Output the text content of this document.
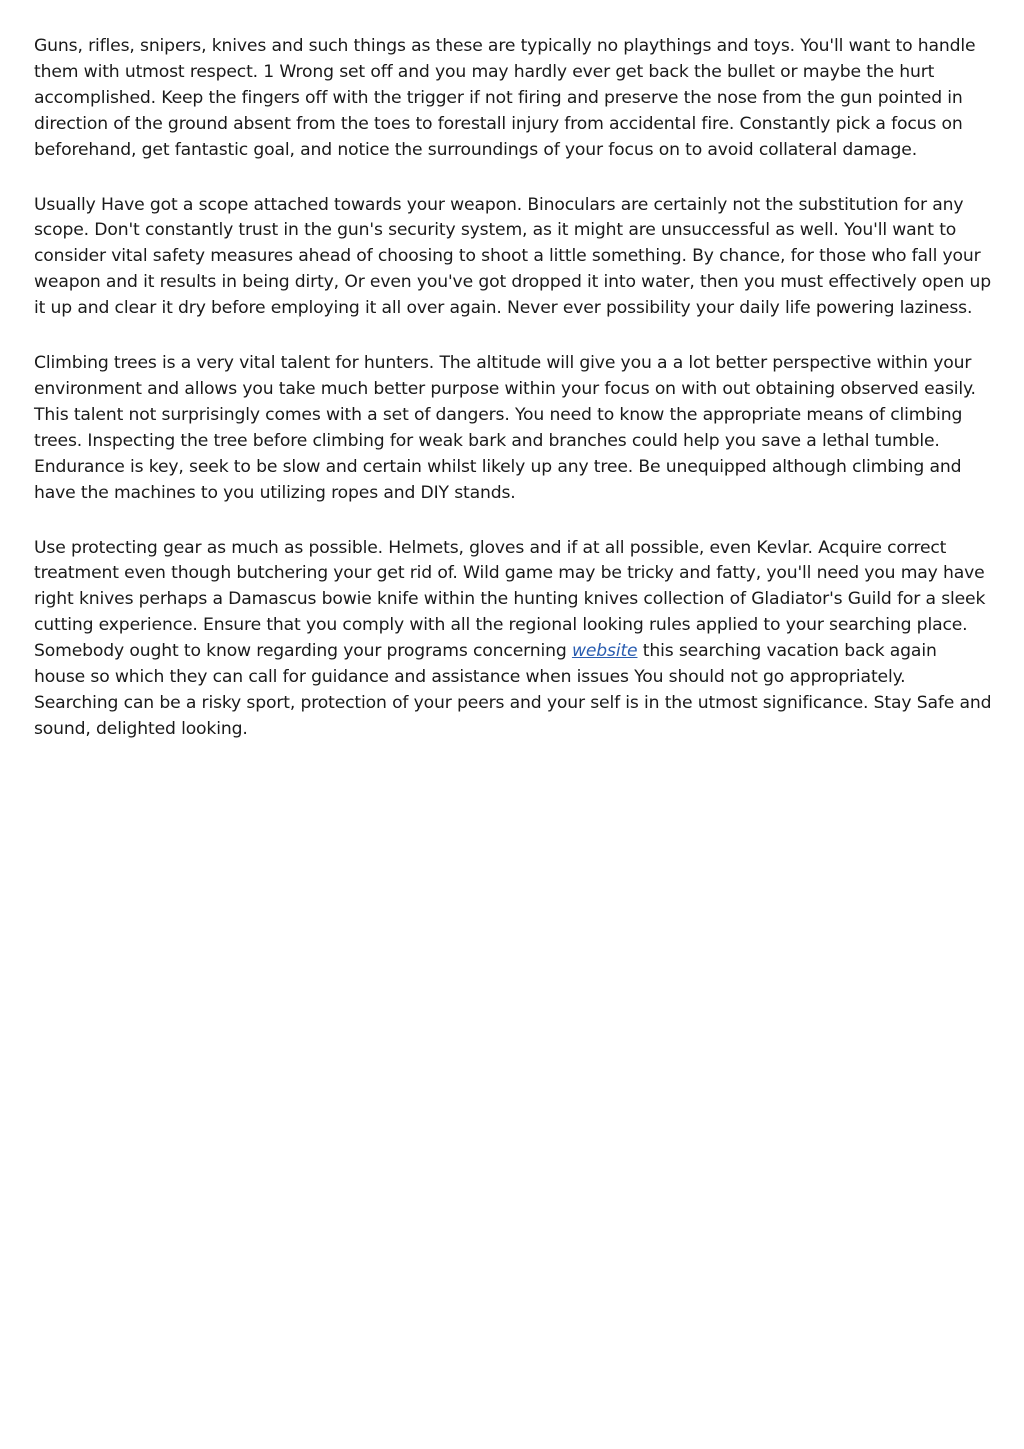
Guns, rifles, snipers, knives and such things as these are typically no playthings and toys. You'll want to handle them with utmost respect. 1 Wrong set off and you may hardly ever get back the bullet or maybe the hurt accomplished. Keep the fingers off with the trigger if not firing and preserve the nose from the gun pointed in direction of the ground absent from the toes to forestall injury from accidental fire. Constantly pick a focus on beforehand, get fantastic goal, and notice the surroundings of your focus on to avoid collateral damage.

Usually Have got a scope attached towards your weapon. Binoculars are certainly not the substitution for any scope. Don't constantly trust in the gun's security system, as it might are unsuccessful as well. You'll want to consider vital safety measures ahead of choosing to shoot a little something. By chance, for those who fall your weapon and it results in being dirty, Or even you've got dropped it into water, then you must effectively open up it up and clear it dry before employing it all over again. Never ever possibility your daily life powering laziness.

Climbing trees is a very vital talent for hunters. The altitude will give you a a lot better perspective within your environment and allows you take much better purpose within your focus on with out obtaining observed easily. This talent not surprisingly comes with a set of dangers. You need to know the appropriate means of climbing trees. Inspecting the tree before climbing for weak bark and branches could help you save a lethal tumble. Endurance is key, seek to be slow and certain whilst likely up any tree. Be unequipped although climbing and have the machines to you utilizing ropes and DIY stands.

Use protecting gear as much as possible. Helmets, gloves and if at all possible, even Kevlar. Acquire correct treatment even though butchering your get rid of. Wild game may be tricky and fatty, you'll need you may have right knives perhaps a Damascus bowie knife within the hunting knives collection of Gladiator's Guild for a sleek cutting experience. Ensure that you comply with all the regional looking rules applied to your searching place. Somebody ought to know regarding your programs concerning website this searching vacation back again house so which they can call for guidance and assistance when issues You should not go appropriately. Searching can be a risky sport, protection of your peers and your self is in the utmost significance. Stay Safe and sound, delighted looking.
